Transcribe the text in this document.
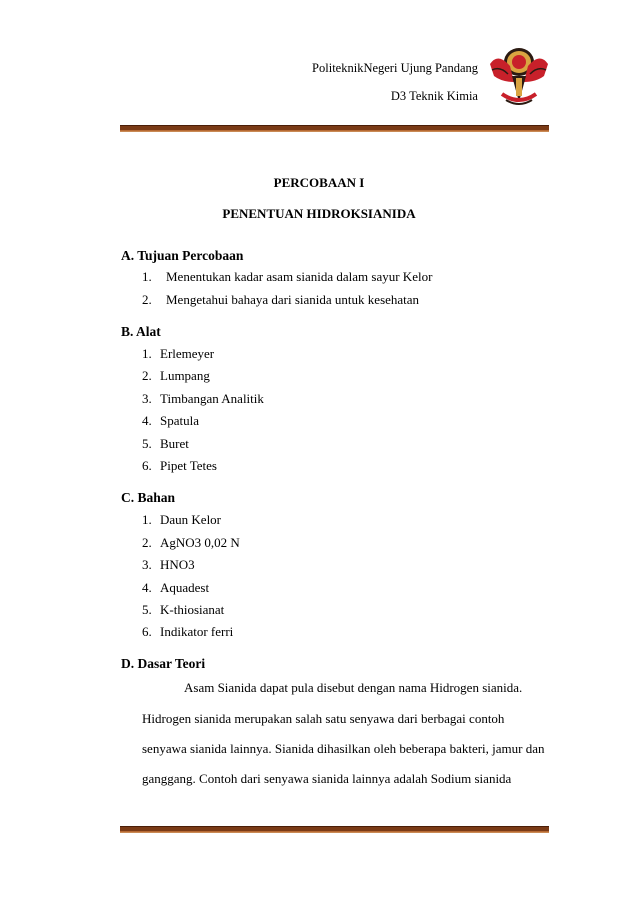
PoliteknikNegeri Ujung Pandang
D3 Teknik Kimia
PERCOBAAN I
PENENTUAN HIDROKSIANIDA
A. Tujuan Percobaan
1. Menentukan kadar asam sianida dalam sayur Kelor
2. Mengetahui bahaya dari sianida untuk kesehatan
B. Alat
1. Erlemeyer
2. Lumpang
3. Timbangan Analitik
4. Spatula
5. Buret
6. Pipet Tetes
C. Bahan
1. Daun Kelor
2. AgNO3 0,02 N
3. HNO3
4. Aquadest
5. K-thiosianat
6. Indikator ferri
D. Dasar Teori
Asam Sianida dapat pula disebut dengan nama Hidrogen sianida.
Hidrogen sianida merupakan salah satu senyawa dari berbagai contoh
senyawa sianida lainnya. Sianida dihasilkan oleh beberapa bakteri, jamur dan
ganggang. Contoh dari senyawa sianida lainnya adalah Sodium sianida
